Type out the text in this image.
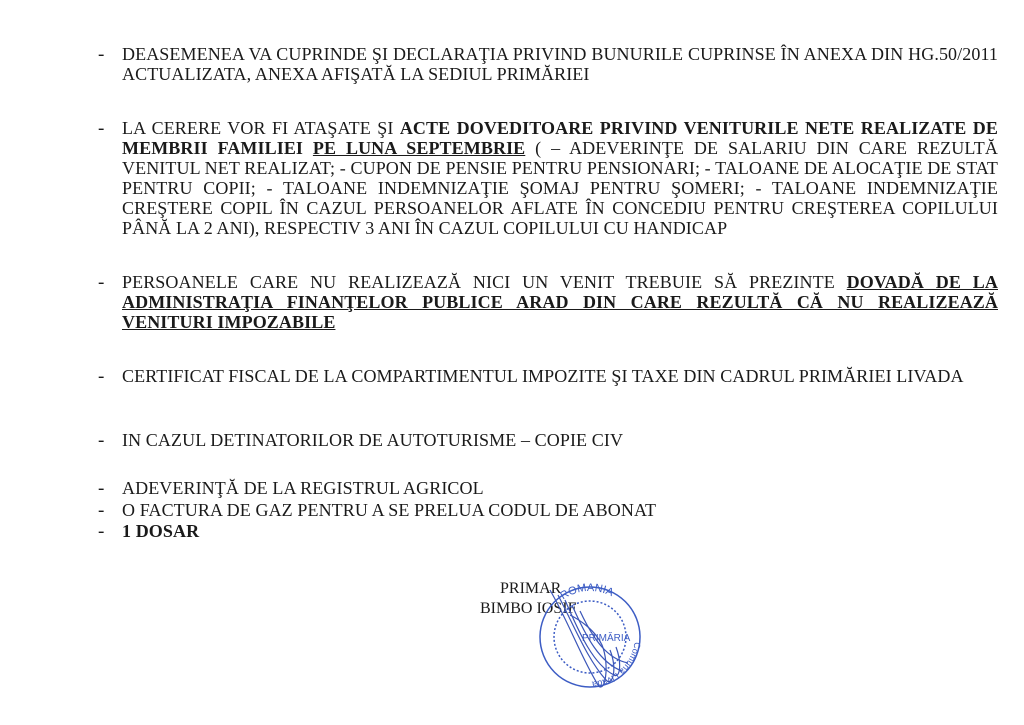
- DEASEMENEA VA CUPRINDE ŞI DECLARAŢIA PRIVIND BUNURILE CUPRINSE ÎN ANEXA DIN HG.50/2011 ACTUALIZATA, ANEXA AFIŞATĂ LA SEDIUL PRIMĂRIEI
- LA CERERE VOR FI ATAŞATE ŞI ACTE DOVEDITOARE PRIVIND VENITURILE NETE REALIZATE DE MEMBRII FAMILIEI PE LUNA SEPTEMBRIE ( – ADEVERINŢE DE SALARIU DIN CARE REZULTĂ VENITUL NET REALIZAT; - CUPON DE PENSIE PENTRU PENSIONARI; - TALOANE DE ALOCAŢIE DE STAT PENTRU COPII; - TALOANE INDEMNIZAŢIE ŞOMAJ PENTRU ŞOMERI; - TALOANE INDEMNIZAŢIE CREŞTERE COPIL ÎN CAZUL PERSOANELOR AFLATE ÎN CONCEDIU PENTRU CREŞTEREA COPILULUI PÂNĂ LA 2 ANI), RESPECTIV 3 ANI ÎN CAZUL COPILULUI CU HANDICAP
- PERSOANELE CARE NU REALIZEAZĂ NICI UN VENIT TREBUIE SĂ PREZINTE DOVADĂ DE LA ADMINISTRAŢIA FINANŢELOR PUBLICE ARAD DIN CARE REZULTĂ CĂ NU REALIZEAZĂ VENITURI IMPOZABILE
- CERTIFICAT FISCAL DE LA COMPARTIMENTUL IMPOZITE ŞI TAXE DIN CADRUL PRIMĂRIEI LIVADA
- IN CAZUL DETINATORILOR DE AUTOTURISME – COPIE CIV
- ADEVERINŢĂ DE LA REGISTRUL AGRICOL
- O FACTURA DE GAZ PENTRU A SE PRELUA CODUL DE ABONAT
- 1 DOSAR
PRIMAR
BIMBO IOSIF
ROMANIA
Comuna Livada
PRIMĂRIA
